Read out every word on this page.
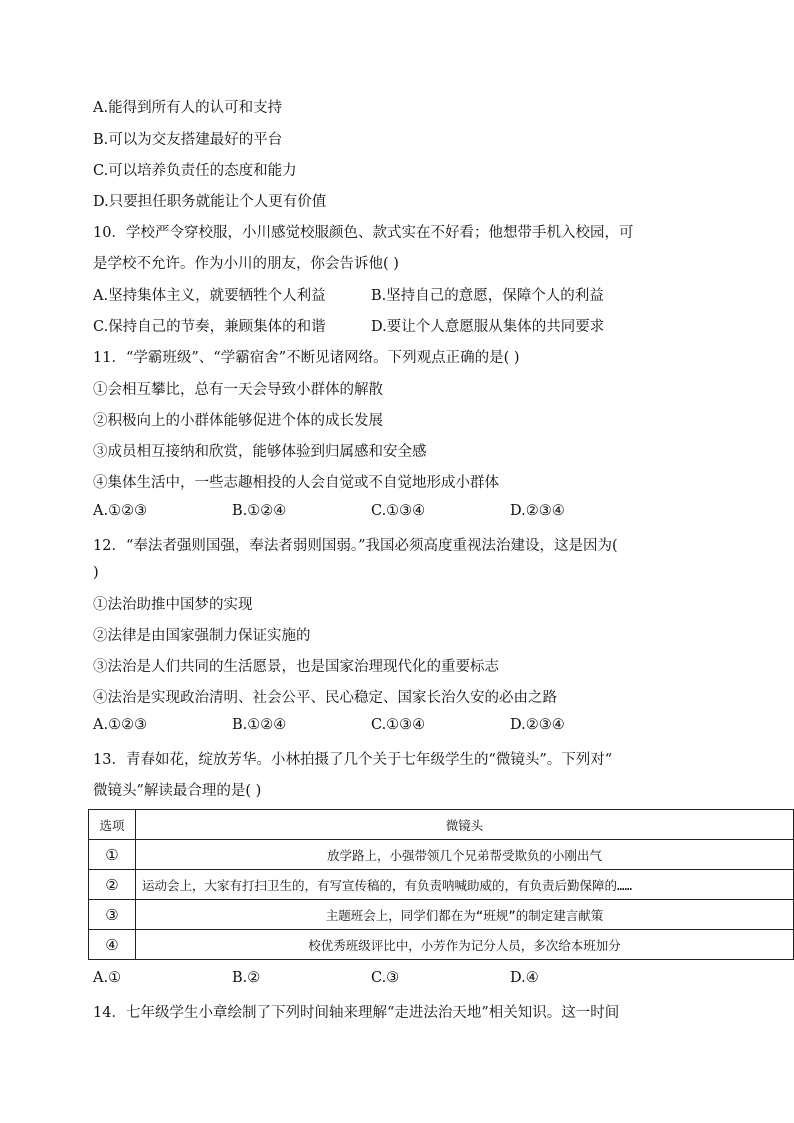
A.能得到所有人的认可和支持
B.可以为交友搭建最好的平台
C.可以培养负责任的态度和能力
D.只要担任职务就能让个人更有价值
10．学校严令穿校服，小川感觉校服颜色、款式实在不好看；他想带手机入校园，可
是学校不允许。作为小川的朋友，你会告诉他( )
A.坚持集体主义，就要牺牲个人利益	B.坚持自己的意愿，保障个人的利益
C.保持自己的节奏，兼顾集体的和谐	D.要让个人意愿服从集体的共同要求
11．“学霸班级”、“学霸宿舍”不断见诸网络。下列观点正确的是( )
①会相互攀比，总有一天会导致小群体的解散
②积极向上的小群体能够促进个体的成长发展
③成员相互接纳和欣赏，能够体验到归属感和安全感
④集体生活中，一些志趣相投的人会自觉或不自觉地形成小群体
A.①②③	B.①②④	C.①③④	D.②③④
12．“奉法者强则国强，奉法者弱则国弱。”我国必须高度重视法治建设，这是因为(
)
①法治助推中国梦的实现
②法律是由国家强制力保证实施的
③法治是人们共同的生活愿景，也是国家治理现代化的重要标志
④法治是实现政治清明、社会公平、民心稳定、国家长治久安的必由之路
A.①②③	B.①②④	C.①③④	D.②③④
13．青春如花，绽放芳华。小林拍摄了几个关于七年级学生的“微镜头”。下列对“
微镜头”解读最合理的是( )
选项	微镜头
①	放学路上，小强带领几个兄弟帮受欺负的小刚出气
②	运动会上，大家有打扫卫生的，有写宣传稿的，有负责呐喊助威的，有负责后勤保障的……
③	主题班会上，同学们都在为“班规”的制定建言献策
④	校优秀班级评比中，小芳作为记分人员，多次给本班加分
A.①	B.②	C.③	D.④
14．七年级学生小章绘制了下列时间轴来理解“走进法治天地”相关知识。这一时间
